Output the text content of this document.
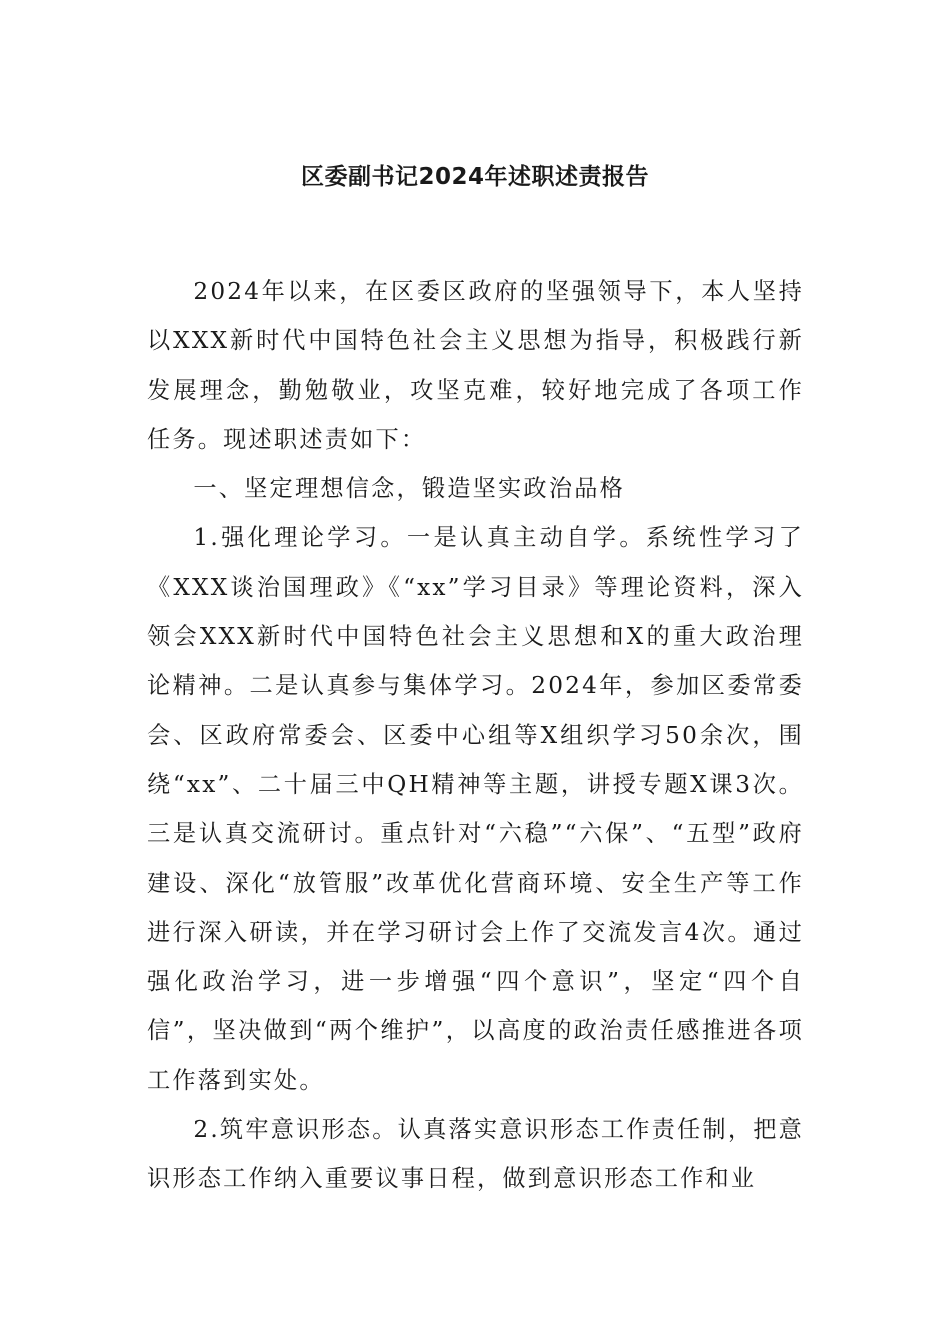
区委副书记2024年述职述责报告

2024年以来，在区委区政府的坚强领导下，本人坚持以XXX新时代中国特色社会主义思想为指导，积极践行新发展理念，勤勉敬业，攻坚克难，较好地完成了各项工作任务。现述职述责如下：

一、坚定理想信念，锻造坚实政治品格

1.强化理论学习。一是认真主动自学。系统性学习了《XXX谈治国理政》《“xx”学习目录》等理论资料，深入领会XXX新时代中国特色社会主义思想和X的重大政治理论精神。二是认真参与集体学习。2024年，参加区委常委会、区政府常委会、区委中心组等X组织学习50余次，围绕“xx”、二十届三中QH精神等主题，讲授专题X课3次。三是认真交流研讨。重点针对“六稳”“六保”、“五型”政府建设、深化“放管服”改革优化营商环境、安全生产等工作进行深入研读，并在学习研讨会上作了交流发言4次。通过强化政治学习，进一步增强“四个意识”，坚定“四个自信”，坚决做到“两个维护”，以高度的政治责任感推进各项工作落到实处。

2.筑牢意识形态。认真落实意识形态工作责任制，把意识形态工作纳入重要议事日程，做到意识形态工作和业
